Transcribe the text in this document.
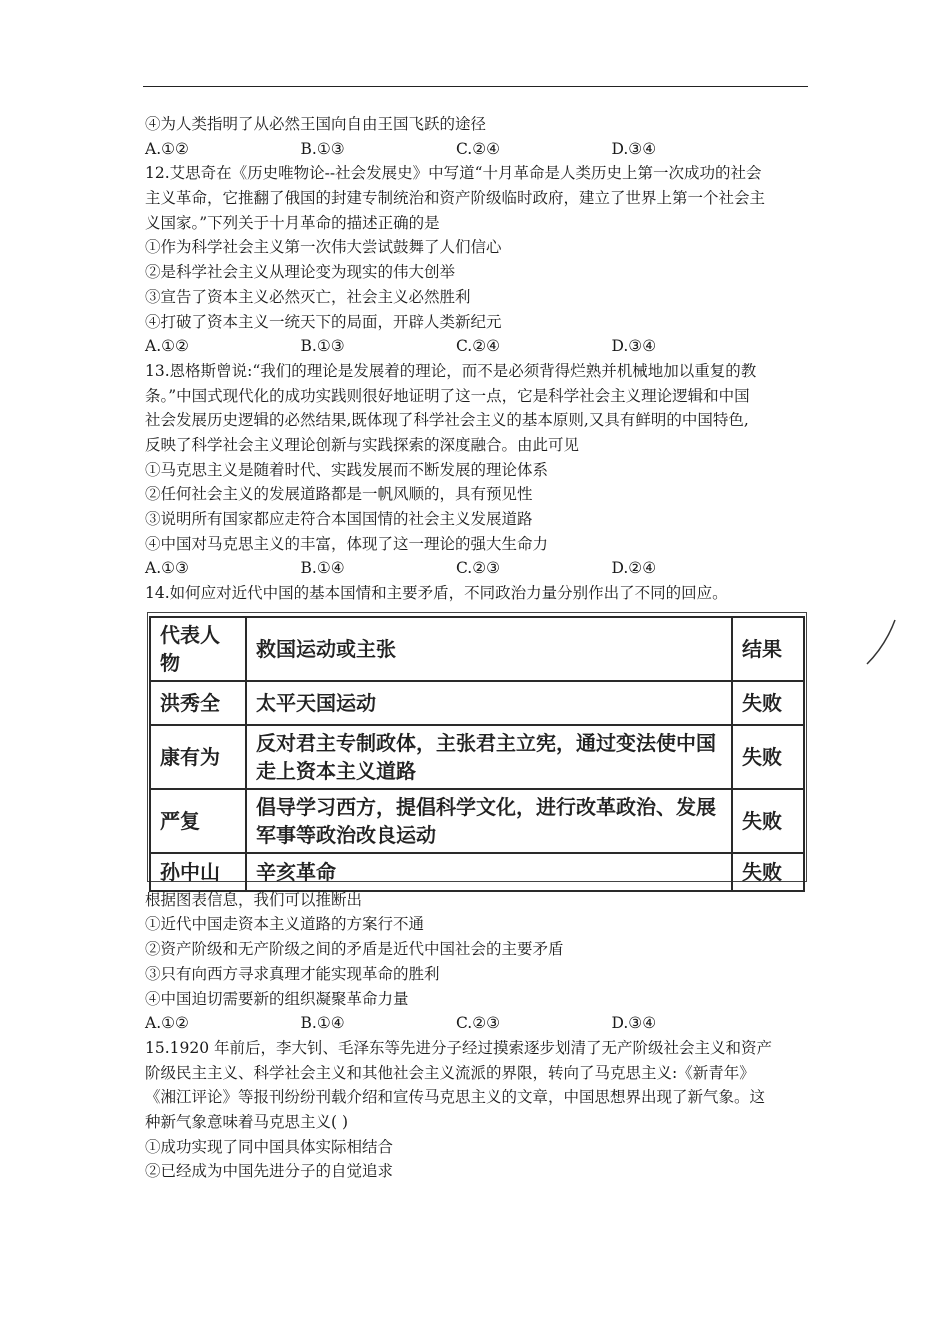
④为人类指明了从必然王国向自由王国飞跃的途径
A.①②	B.①③	C.②④	D.③④
12.艾思奇在《历史唯物论--社会发展史》中写道“十月革命是人类历史上第一次成功的社会
主义革命，它推翻了俄国的封建专制统治和资产阶级临时政府，建立了世界上第一个社会主
义国家。”下列关于十月革命的描述正确的是
①作为科学社会主义第一次伟大尝试鼓舞了人们信心
②是科学社会主义从理论变为现实的伟大创举
③宣告了资本主义必然灭亡，社会主义必然胜利
④打破了资本主义一统天下的局面，开辟人类新纪元
A.①②	B.①③	C.②④	D.③④
13.恩格斯曾说:“我们的理论是发展着的理论，而不是必须背得烂熟并机械地加以重复的教
条。”中国式现代化的成功实践则很好地证明了这一点，它是科学社会主义理论逻辑和中国
社会发展历史逻辑的必然结果,既体现了科学社会主义的基本原则,又具有鲜明的中国特色,
反映了科学社会主义理论创新与实践探索的深度融合。由此可见
①马克思主义是随着时代、实践发展而不断发展的理论体系
②任何社会主义的发展道路都是一帆风顺的，具有预见性
③说明所有国家都应走符合本国国情的社会主义发展道路
④中国对马克思主义的丰富，体现了这一理论的强大生命力
A.①③	B.①④	C.②③	D.②④
14.如何应对近代中国的基本国情和主要矛盾，不同政治力量分别作出了不同的回应。
代表人物	救国运动或主张	结果
洪秀全	太平天国运动	失败
康有为	反对君主专制政体，主张君主立宪，通过变法使中国走上资本主义道路	失败
严复	倡导学习西方，提倡科学文化，进行改革政治、发展军事等政治改良运动	失败
孙中山	辛亥革命	失败
根据图表信息，我们可以推断出
①近代中国走资本主义道路的方案行不通
②资产阶级和无产阶级之间的矛盾是近代中国社会的主要矛盾
③只有向西方寻求真理才能实现革命的胜利
④中国迫切需要新的组织凝聚革命力量
A.①②	B.①④	C.②③	D.③④
15.1920 年前后，李大钊、毛泽东等先进分子经过摸索逐步划清了无产阶级社会主义和资产
阶级民主主义、科学社会主义和其他社会主义流派的界限，转向了马克思主义:《新青年》
《湘江评论》等报刊纷纷刊载介绍和宣传马克思主义的文章，中国思想界出现了新气象。这
种新气象意味着马克思主义( )
①成功实现了同中国具体实际相结合
②已经成为中国先进分子的自觉追求
